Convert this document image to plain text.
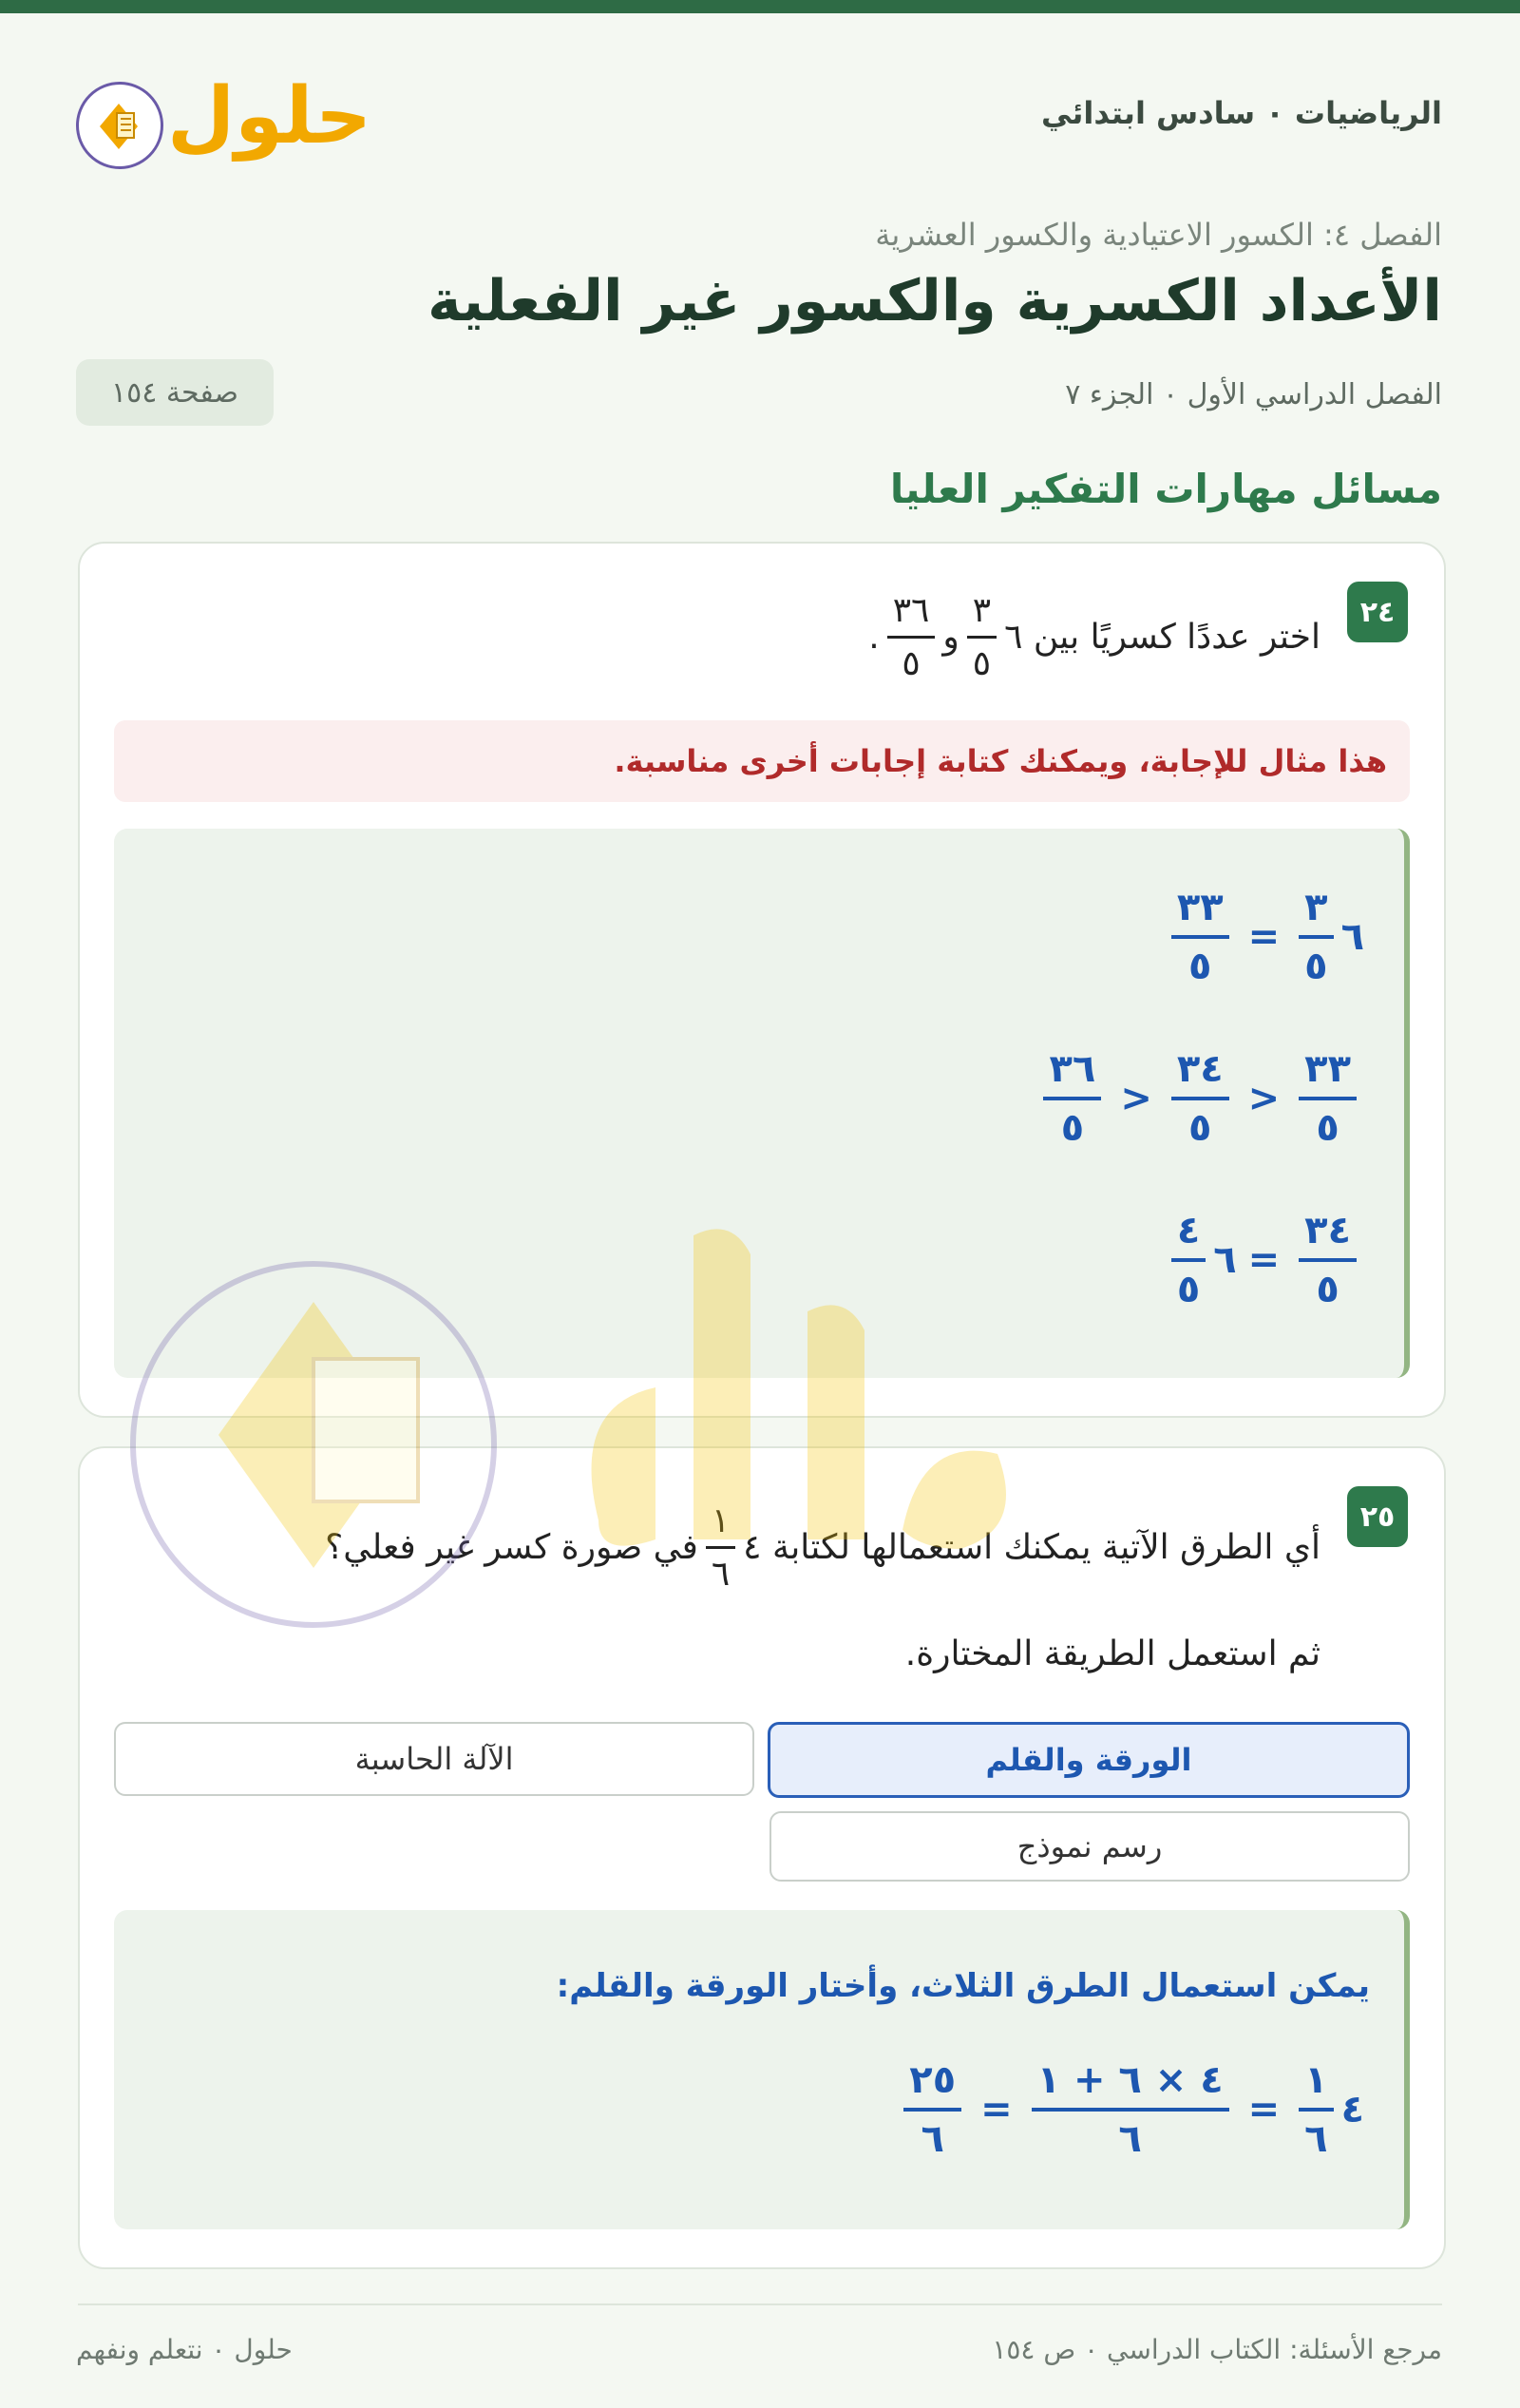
حلول	الرياضيات ٠ سادس ابتدائي
الفصل ٤: الكسور الاعتيادية والكسور العشرية
الأعداد الكسرية والكسور غير الفعلية
الفصل الدراسي الأول ٠ الجزء ٧
صفحة ١٥٤
مسائل مهارات التفكير العليا
٢٤
اختر عددًا كسريًا بين ٦
$\frac{٣}{٥}$
و
$\frac{٣٦}{٥}$
.
هذا مثال للإجابة، ويمكنك كتابة إجابات أخرى مناسبة.
٦
$\frac{٣}{٥}$
=
$\frac{٣٣}{٥}$
$\frac{٣٣}{٥}$
<
$\frac{٣٤}{٥}$
<
$\frac{٣٦}{٥}$
$\frac{٣٤}{٥}$
=
٦
$\frac{٤}{٥}$
٢٥
أي الطرق الآتية يمكنك استعمالها لكتابة ٤
$\frac{١}{٦}$
في صورة كسر غير فعلي؟
ثم استعمل الطريقة المختارة.
الورقة والقلم
الآلة الحاسبة
رسم نموذج
يمكن استعمال الطرق الثلاث، وأختار الورقة والقلم:
٤
$\frac{١}{٦}$
=
$\frac{٤ \times ٦ + ١}{٦}$
=
$\frac{٢٥}{٦}$
مرجع الأسئلة: الكتاب الدراسي ٠ ص ١٥٤
حلول ٠ نتعلم ونفهم
